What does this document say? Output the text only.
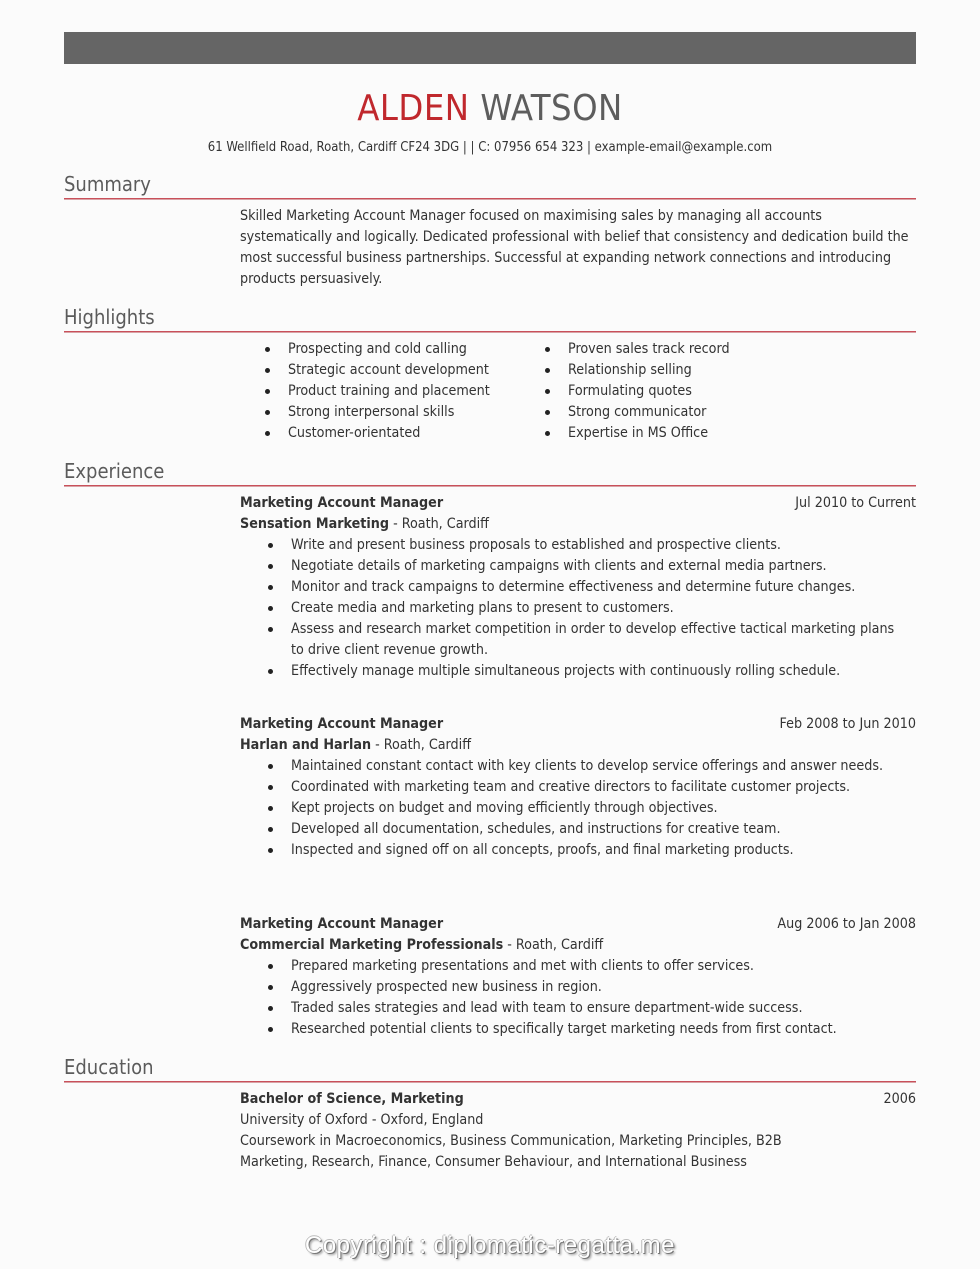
ALDEN WATSON
61 Wellfield Road, Roath, Cardiff CF24 3DG | | C: 07956 654 323 | example-email@example.com
Summary
Skilled Marketing Account Manager focused on maximising sales by managing all accounts systematically and logically. Dedicated professional with belief that consistency and dedication build the most successful business partnerships. Successful at expanding network connections and introducing products persuasively.
Highlights
Prospecting and cold calling
Strategic account development
Product training and placement
Strong interpersonal skills
Customer-orientated
Proven sales track record
Relationship selling
Formulating quotes
Strong communicator
Expertise in MS Office
Experience
Marketing Account Manager	Jul 2010 to Current
Sensation Marketing - Roath, Cardiff
Write and present business proposals to established and prospective clients.
Negotiate details of marketing campaigns with clients and external media partners.
Monitor and track campaigns to determine effectiveness and determine future changes.
Create media and marketing plans to present to customers.
Assess and research market competition in order to develop effective tactical marketing plans to drive client revenue growth.
Effectively manage multiple simultaneous projects with continuously rolling schedule.
Marketing Account Manager	Feb 2008 to Jun 2010
Harlan and Harlan - Roath, Cardiff
Maintained constant contact with key clients to develop service offerings and answer needs.
Coordinated with marketing team and creative directors to facilitate customer projects.
Kept projects on budget and moving efficiently through objectives.
Developed all documentation, schedules, and instructions for creative team.
Inspected and signed off on all concepts, proofs, and final marketing products.
Marketing Account Manager	Aug 2006 to Jan 2008
Commercial Marketing Professionals - Roath, Cardiff
Prepared marketing presentations and met with clients to offer services.
Aggressively prospected new business in region.
Traded sales strategies and lead with team to ensure department-wide success.
Researched potential clients to specifically target marketing needs from first contact.
Education
Bachelor of Science, Marketing	2006
University of Oxford - Oxford, England
Coursework in Macroeconomics, Business Communication, Marketing Principles, B2B Marketing, Research, Finance, Consumer Behaviour, and International Business
Copyright : diplomatic-regatta.me
